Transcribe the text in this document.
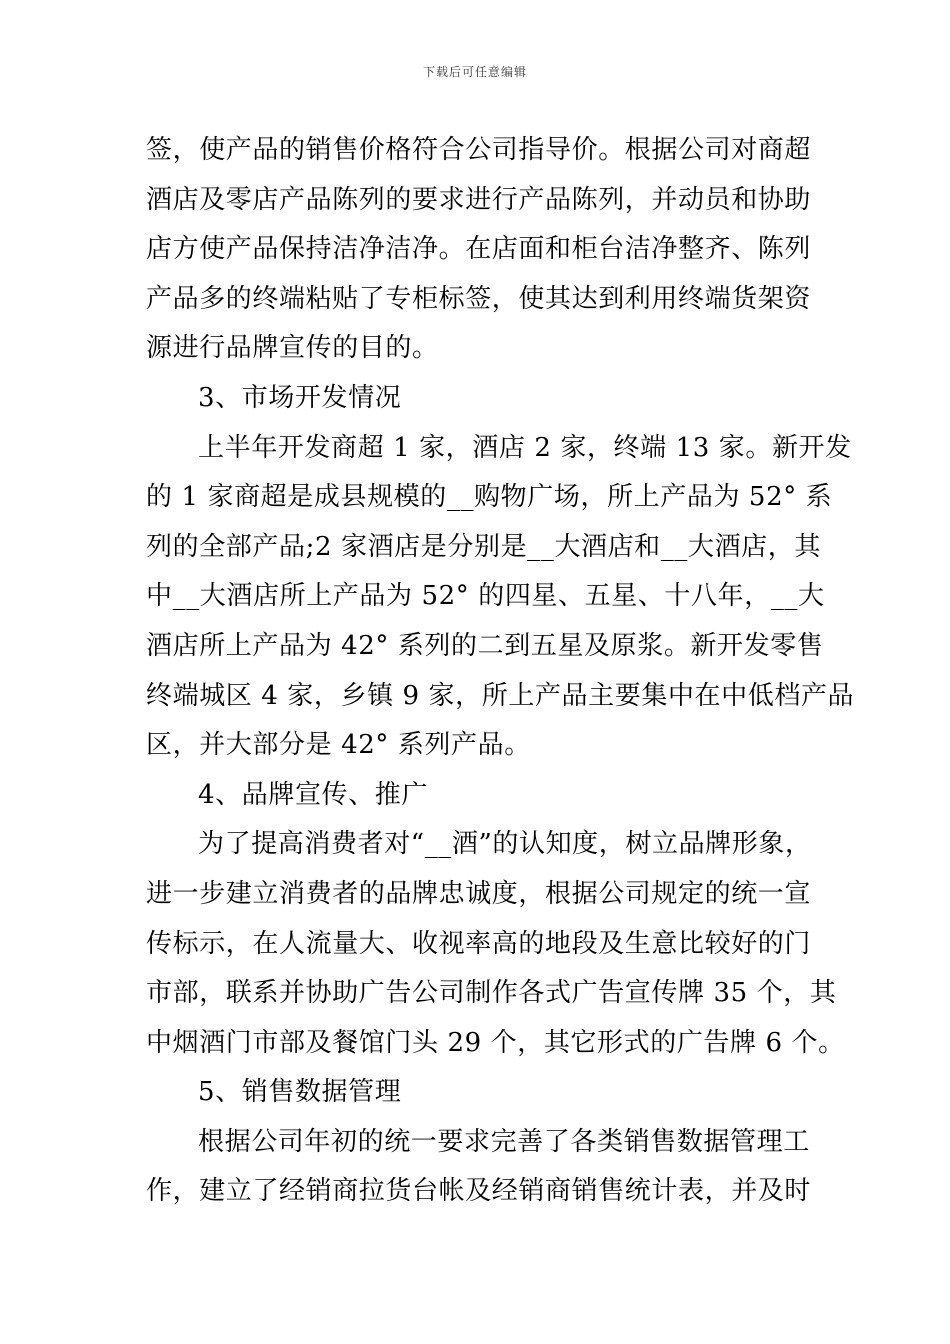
下载后可任意编辑
签，使产品的销售价格符合公司指导价。根据公司对商超
酒店及零店产品陈列的要求进行产品陈列，并动员和协助
店方使产品保持洁净洁净。在店面和柜台洁净整齐、陈列
产品多的终端粘贴了专柜标签，使其达到利用终端货架资
源进行品牌宣传的目的。
3、市场开发情况
上半年开发商超 1 家，酒店 2 家，终端 13 家。新开发
的 1 家商超是成县规模的__购物广场，所上产品为 52° 系
列的全部产品;2 家酒店是分别是__大酒店和__大酒店，其
中__大酒店所上产品为 52° 的四星、五星、十八年，__大
酒店所上产品为 42° 系列的二到五星及原浆。新开发零售
终端城区 4 家，乡镇 9 家，所上产品主要集中在中低档产品
区，并大部分是 42° 系列产品。
4、品牌宣传、推广
为了提高消费者对“__酒”的认知度，树立品牌形象，
进一步建立消费者的品牌忠诚度，根据公司规定的统一宣
传标示，在人流量大、收视率高的地段及生意比较好的门
市部，联系并协助广告公司制作各式广告宣传牌 35 个，其
中烟酒门市部及餐馆门头 29 个，其它形式的广告牌 6 个。
5、销售数据管理
根据公司年初的统一要求完善了各类销售数据管理工
作，建立了经销商拉货台帐及经销商销售统计表，并及时
